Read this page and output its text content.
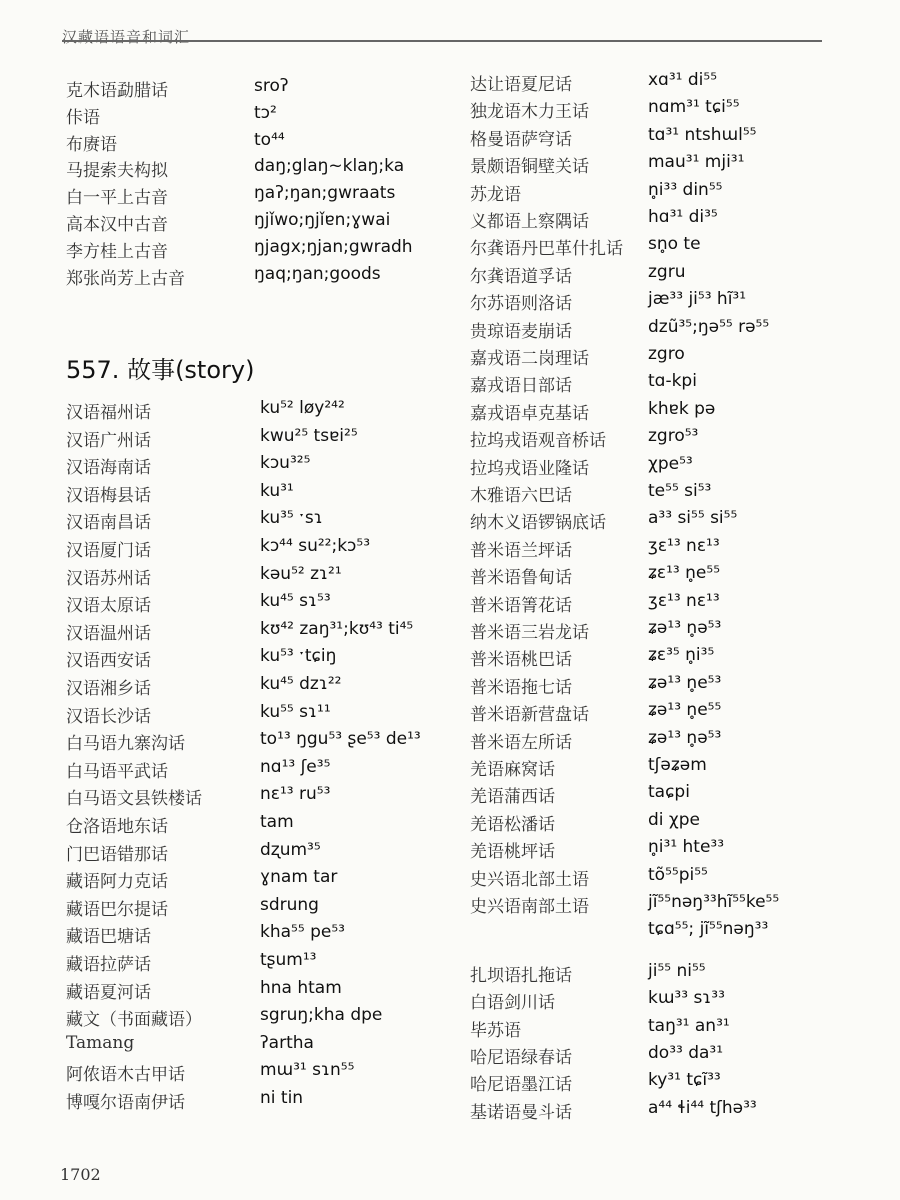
汉藏语语音和词汇
克木语勐腊话	sroʔ
佧语	tɔ²
布赓语	to⁴⁴
马提索夫构拟	daŋ;glaŋ~klaŋ;ka
白一平上古音	ŋaʔ;ŋan;gwraats
高本汉中古音	ŋjǐwo;ŋjǐɐn;ɣwai
李方桂上古音	ŋjagx;ŋjan;gwradh
郑张尚芳上古音	ŋaq;ŋan;goods
557. 故事(story)
汉语福州话	ku⁵² løy²⁴²
汉语广州话	kwu²⁵ tsɐi²⁵
汉语海南话	kɔu³²⁵
汉语梅县话	ku³¹
汉语南昌话	ku³⁵ ˑsɿ
汉语厦门话	kɔ⁴⁴ su²²;kɔ⁵³
汉语苏州话	kəu⁵² zɿ²¹
汉语太原话	ku⁴⁵ sɿ⁵³
汉语温州话	kʊ⁴² zaŋ³¹;kʊ⁴³ ti⁴⁵
汉语西安话	ku⁵³ ˑtɕiŋ
汉语湘乡话	ku⁴⁵ dzɿ²²
汉语长沙话	ku⁵⁵ sɿ¹¹
白马语九寨沟话	to¹³ ŋgu⁵³ ʂe⁵³ de¹³
白马语平武话	nɑ¹³ ʃe³⁵
白马语文县铁楼话	nɛ¹³ ru⁵³
仓洛语地东话	tam
门巴语错那话	dʐum³⁵
藏语阿力克话	ɣnam tar
藏语巴尔提话	sdrung
藏语巴塘话	kha⁵⁵ pe⁵³
藏语拉萨话	tʂum¹³
藏语夏河话	hna htam
藏文（书面藏语）	sgruŋ;kha dpe
Tamang	ʔartha
阿侬语木古甲话	mɯ³¹ sɿn⁵⁵
博嘎尔语南伊话	ni tin
达让语夏尼话	xɑ³¹ di⁵⁵
独龙语木力王话	nɑm³¹ tɕi⁵⁵
格曼语萨穹话	tɑ³¹ ntshɯl⁵⁵
景颇语铜壁关话	mau³¹ mji³¹
苏龙语	n̥i³³ din⁵⁵
义都语上察隅话	hɑ³¹ di³⁵
尔龚语丹巴革什扎话 sn̥o te
尔龚语道孚话	zgru
尔苏语则洛话	jæ³³ ji⁵³ hĩ³¹
贵琼语麦崩话	dzũ³⁵;ŋə⁵⁵ rə⁵⁵
嘉戎语二岗理话	zgro
嘉戎语日部话	tɑ-kpi
嘉戎语卓克基话	khɐk pə
拉坞戎语观音桥话 zgro⁵³
拉坞戎语业隆话	χpe⁵³
木雅语六巴话	te⁵⁵ si⁵³
纳木义语锣锅底话 a³³ si⁵⁵ si⁵⁵
普米语兰坪话	ʒɛ¹³ nɛ¹³
普米语鲁甸话	ʑɛ¹³ n̥e⁵⁵
普米语箐花话	ʒɛ¹³ nɛ¹³
普米语三岩龙话	ʑə¹³ n̥ə⁵³
普米语桃巴话	ʑɛ³⁵ n̥i³⁵
普米语拖七话	ʑə¹³ n̥e⁵³
普米语新营盘话	ʑə¹³ n̥e⁵⁵
普米语左所话	ʑə¹³ n̥ə⁵³
羌语麻窝话	tʃəʑəm
羌语蒲西话	taɕpi
羌语松潘话	di χpe
羌语桃坪话	n̥i³¹ hte³³
史兴语北部土语	tõ⁵⁵pi⁵⁵
史兴语南部土语	jĩ⁵⁵nəŋ³³hĩ⁵⁵ke⁵⁵
tɕɑ⁵⁵; jĩ⁵⁵nəŋ³³
扎坝语扎拖话	ji⁵⁵ ni⁵⁵
白语剑川话	kɯ³³ sɿ³³
毕苏语	taŋ³¹ an³¹
哈尼语绿春话	do³³ da³¹
哈尼语墨江话	ky³¹ tɕĩ³³
基诺语曼斗话	a⁴⁴ ɬi⁴⁴ tʃhə³³
1702
